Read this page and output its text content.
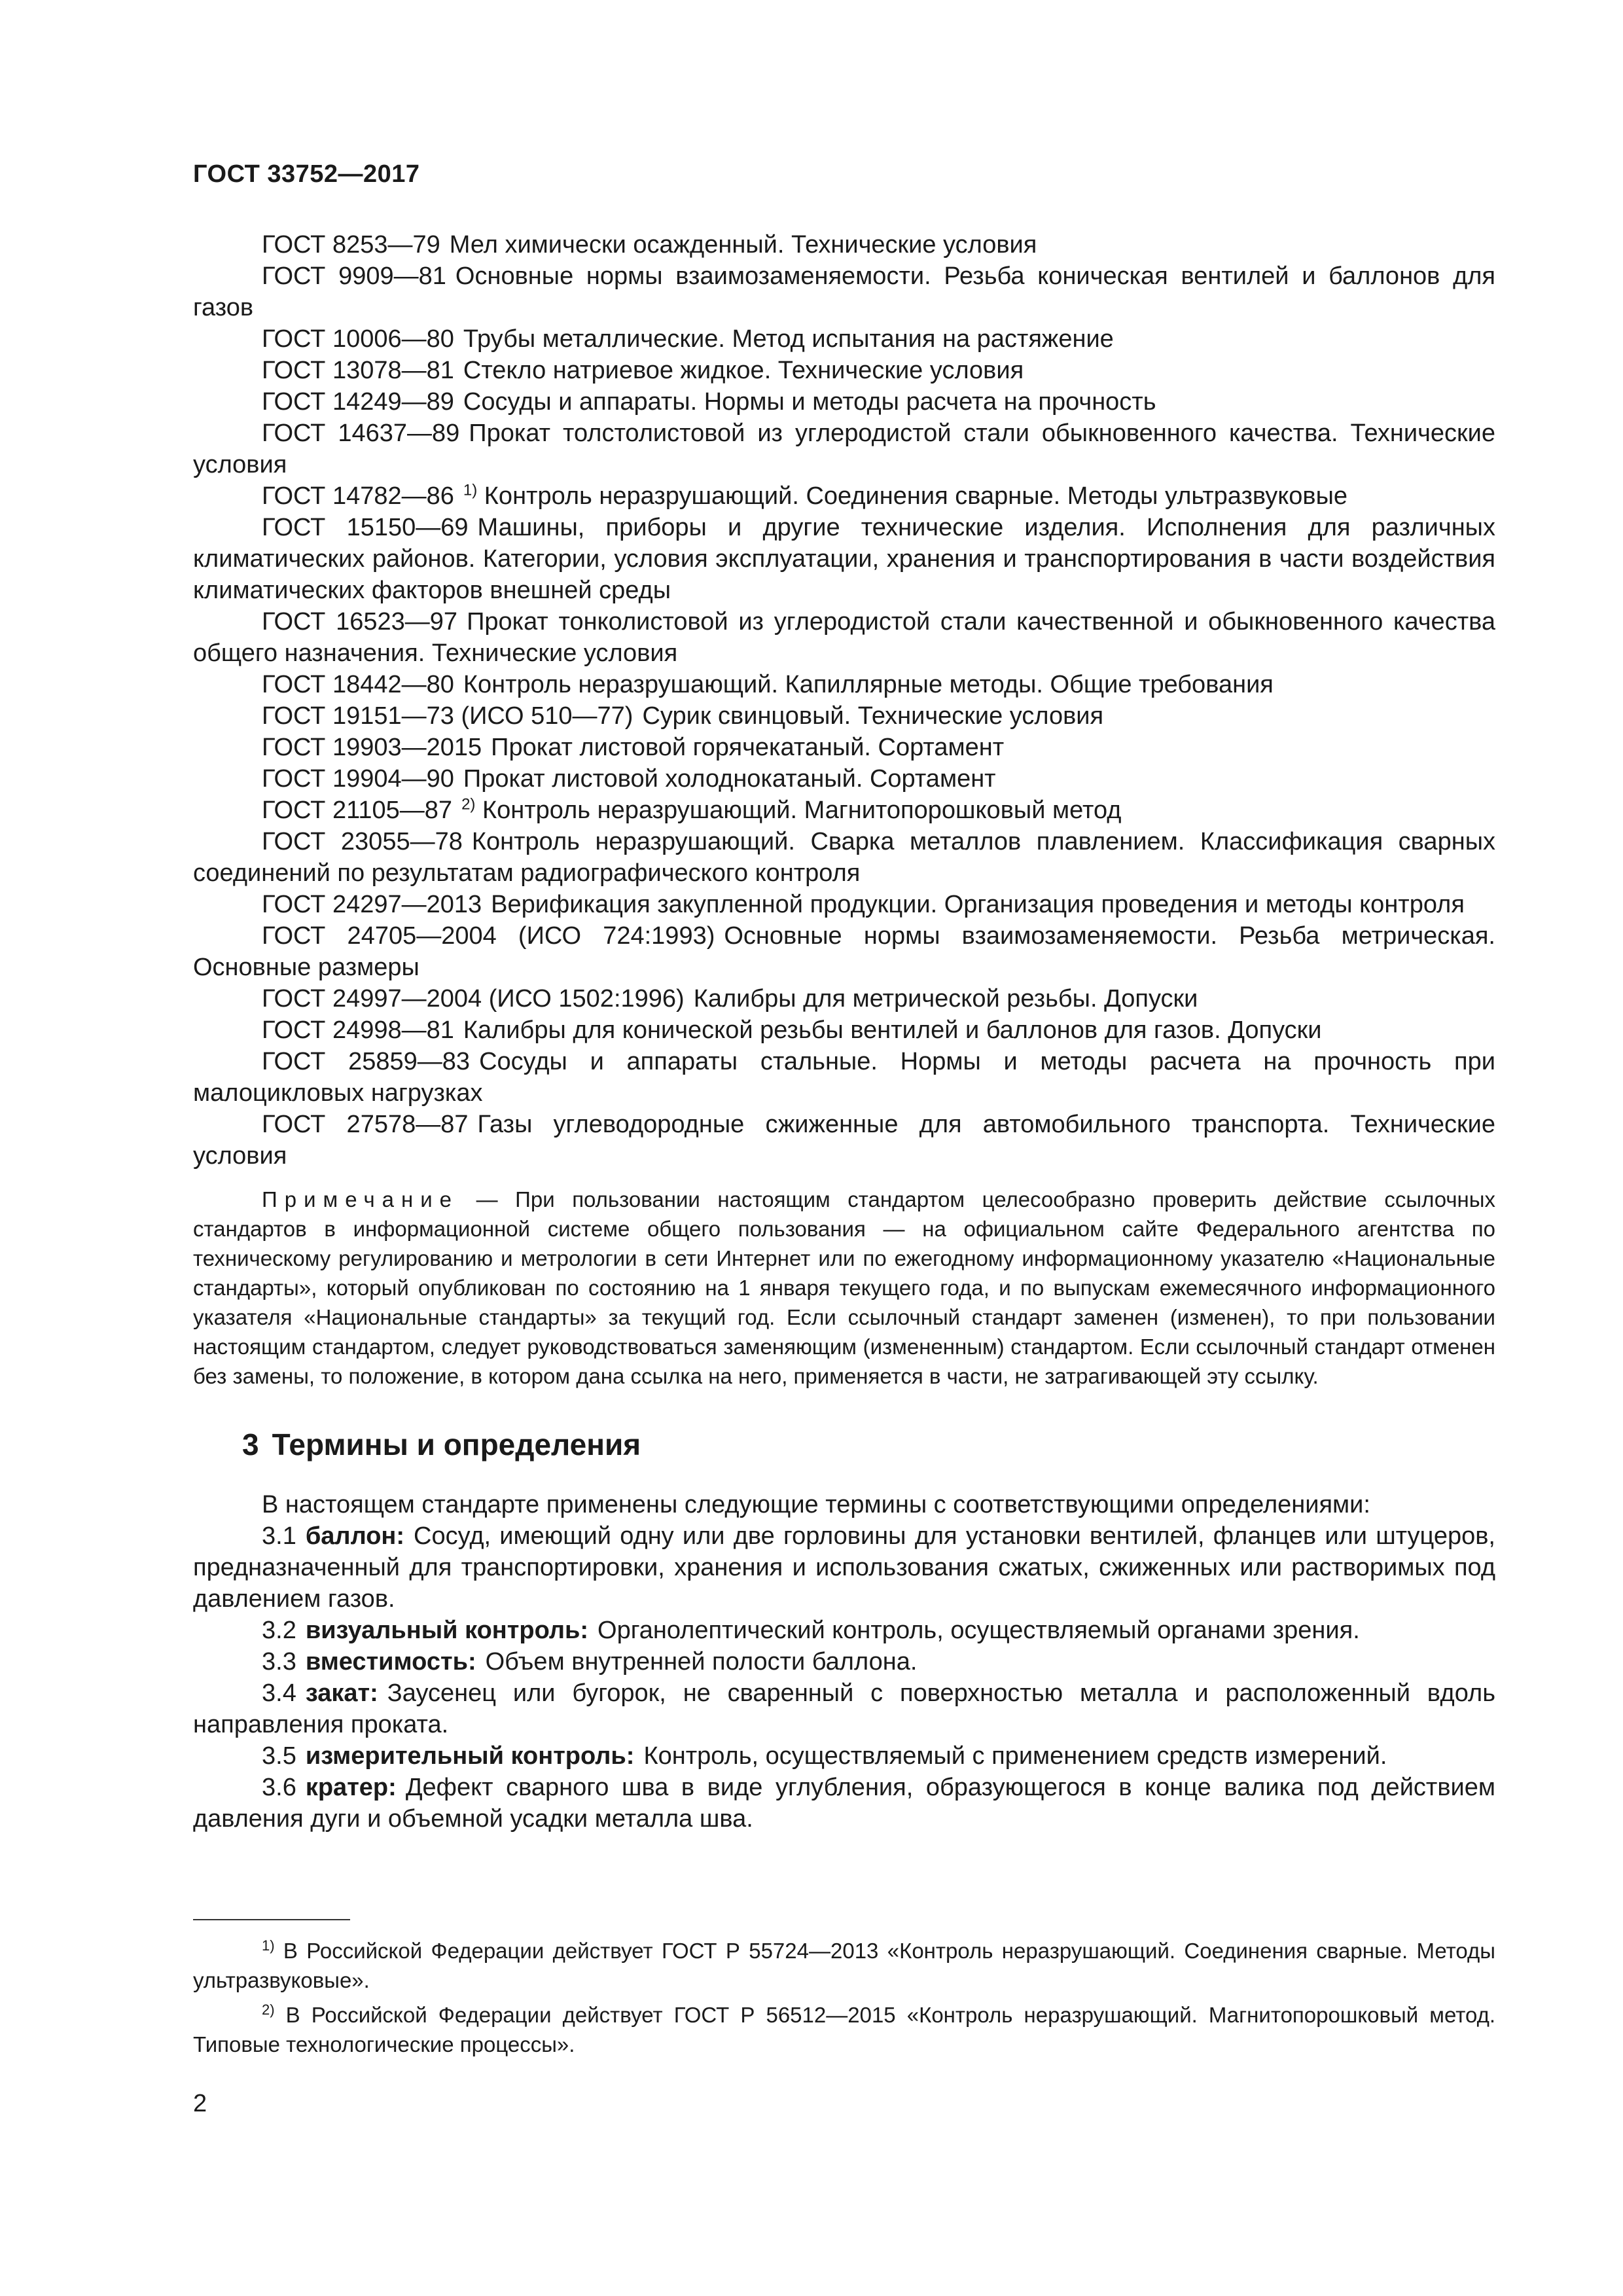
ГОСТ 33752—2017

ГОСТ 8253—79 Мел химически осажденный. Технические условия

ГОСТ 9909—81 Основные нормы взаимозаменяемости. Резьба коническая вентилей и баллонов для газов

ГОСТ 10006—80 Трубы металлические. Метод испытания на растяжение

ГОСТ 13078—81 Стекло натриевое жидкое. Технические условия

ГОСТ 14249—89 Сосуды и аппараты. Нормы и методы расчета на прочность

ГОСТ 14637—89 Прокат толстолистовой из углеродистой стали обыкновенного качества. Технические условия

ГОСТ 14782—86 $^{1)}$ Контроль неразрушающий. Соединения сварные. Методы ультразвуковые

ГОСТ 15150—69 Машины, приборы и другие технические изделия. Исполнения для различных климатических районов. Категории, условия эксплуатации, хранения и транспортирования в части воздействия климатических факторов внешней среды

ГОСТ 16523—97 Прокат тонколистовой из углеродистой стали качественной и обыкновенного качества общего назначения. Технические условия

ГОСТ 18442—80 Контроль неразрушающий. Капиллярные методы. Общие требования

ГОСТ 19151—73 (ИСО 510—77) Сурик свинцовый. Технические условия

ГОСТ 19903—2015 Прокат листовой горячекатаный. Сортамент

ГОСТ 19904—90 Прокат листовой холоднокатаный. Сортамент

ГОСТ 21105—87 $^{2)}$ Контроль неразрушающий. Магнитопорошковый метод

ГОСТ 23055—78 Контроль неразрушающий. Сварка металлов плавлением. Классификация сварных соединений по результатам радиографического контроля

ГОСТ 24297—2013 Верификация закупленной продукции. Организация проведения и методы контроля

ГОСТ 24705—2004 (ИСО 724:1993) Основные нормы взаимозаменяемости. Резьба метрическая. Основные размеры

ГОСТ 24997—2004 (ИСО 1502:1996) Калибры для метрической резьбы. Допуски

ГОСТ 24998—81 Калибры для конической резьбы вентилей и баллонов для газов. Допуски

ГОСТ 25859—83 Сосуды и аппараты стальные. Нормы и методы расчета на прочность при малоцикловых нагрузках

ГОСТ 27578—87 Газы углеводородные сжиженные для автомобильного транспорта. Технические условия

Примечание — При пользовании настоящим стандартом целесообразно проверить действие ссылочных стандартов в информационной системе общего пользования — на официальном сайте Федерального агентства по техническому регулированию и метрологии в сети Интернет или по ежегодному информационному указателю «Национальные стандарты», который опубликован по состоянию на 1 января текущего года, и по выпускам ежемесячного информационного указателя «Национальные стандарты» за текущий год. Если ссылочный стандарт заменен (изменен), то при пользовании настоящим стандартом, следует руководствоваться заменяющим (измененным) стандартом. Если ссылочный стандарт отменен без замены, то положение, в котором дана ссылка на него, применяется в части, не затрагивающей эту ссылку.

3 Термины и определения

В настоящем стандарте применены следующие термины с соответствующими определениями:

3.1 баллон: Сосуд, имеющий одну или две горловины для установки вентилей, фланцев или штуцеров, предназначенный для транспортировки, хранения и использования сжатых, сжиженных или растворимых под давлением газов.

3.2 визуальный контроль: Органолептический контроль, осуществляемый органами зрения.

3.3 вместимость: Объем внутренней полости баллона.

3.4 закат: Заусенец или бугорок, не сваренный с поверхностью металла и расположенный вдоль направления проката.

3.5 измерительный контроль: Контроль, осуществляемый с применением средств измерений.

3.6 кратер: Дефект сварного шва в виде углубления, образующегося в конце валика под действием давления дуги и объемной усадки металла шва.

$^{1)}$ В Российской Федерации действует ГОСТ Р 55724—2013 «Контроль неразрушающий. Соединения сварные. Методы ультразвуковые».

$^{2)}$ В Российской Федерации действует ГОСТ Р 56512—2015 «Контроль неразрушающий. Магнитопорошковый метод. Типовые технологические процессы».

2
